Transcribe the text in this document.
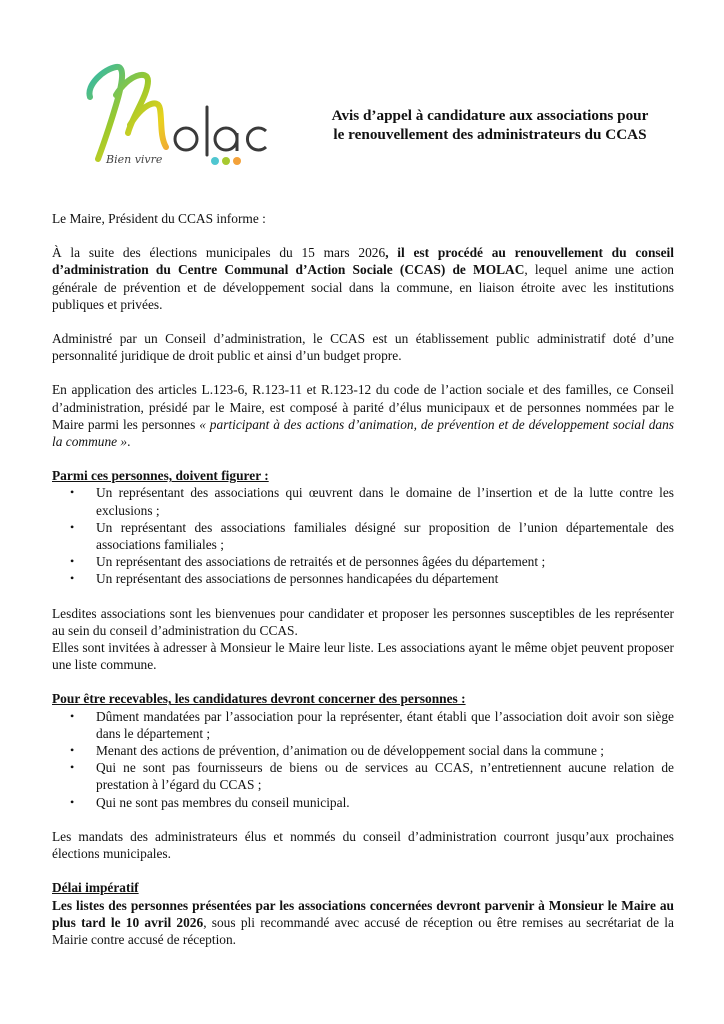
Bien vivre
Avis d’appel à candidature aux associations pour
le renouvellement des administrateurs du CCAS

Le Maire, Président du CCAS informe :

À la suite des élections municipales du 15 mars 2026, il est procédé au renouvellement du conseil d’administration du Centre Communal d’Action Sociale (CCAS) de MOLAC, lequel anime une action générale de prévention et de développement social dans la commune, en liaison étroite avec les institutions publiques et privées.

Administré par un Conseil d’administration, le CCAS est un établissement public administratif doté d’une personnalité juridique de droit public et ainsi d’un budget propre.

En application des articles L.123-6, R.123-11 et R.123-12 du code de l’action sociale et des familles, ce Conseil d’administration, présidé par le Maire, est composé à parité d’élus municipaux et de personnes nommées par le Maire parmi les personnes « participant à des actions d’animation, de prévention et de développement social dans la commune ».

Parmi ces personnes, doivent figurer :
• Un représentant des associations qui œuvrent dans le domaine de l’insertion et de la lutte contre les exclusions ;
• Un représentant des associations familiales désigné sur proposition de l’union départementale des associations familiales ;
• Un représentant des associations de retraités et de personnes âgées du département ;
• Un représentant des associations de personnes handicapées du département

Lesdites associations sont les bienvenues pour candidater et proposer les personnes susceptibles de les représenter au sein du conseil d’administration du CCAS.

Elles sont invitées à adresser à Monsieur le Maire leur liste. Les associations ayant le même objet peuvent proposer une liste commune.

Pour être recevables, les candidatures devront concerner des personnes :
• Dûment mandatées par l’association pour la représenter, étant établi que l’association doit avoir son siège dans le département ;
• Menant des actions de prévention, d’animation ou de développement social dans la commune ;
• Qui ne sont pas fournisseurs de biens ou de services au CCAS, n’entretiennent aucune relation de prestation à l’égard du CCAS ;
• Qui ne sont pas membres du conseil municipal.

Les mandats des administrateurs élus et nommés du conseil d’administration courront jusqu’aux prochaines élections municipales.

Délai impératif

Les listes des personnes présentées par les associations concernées devront parvenir à Monsieur le Maire au plus tard le 10 avril 2026, sous pli recommandé avec accusé de réception ou être remises au secrétariat de la Mairie contre accusé de réception.
